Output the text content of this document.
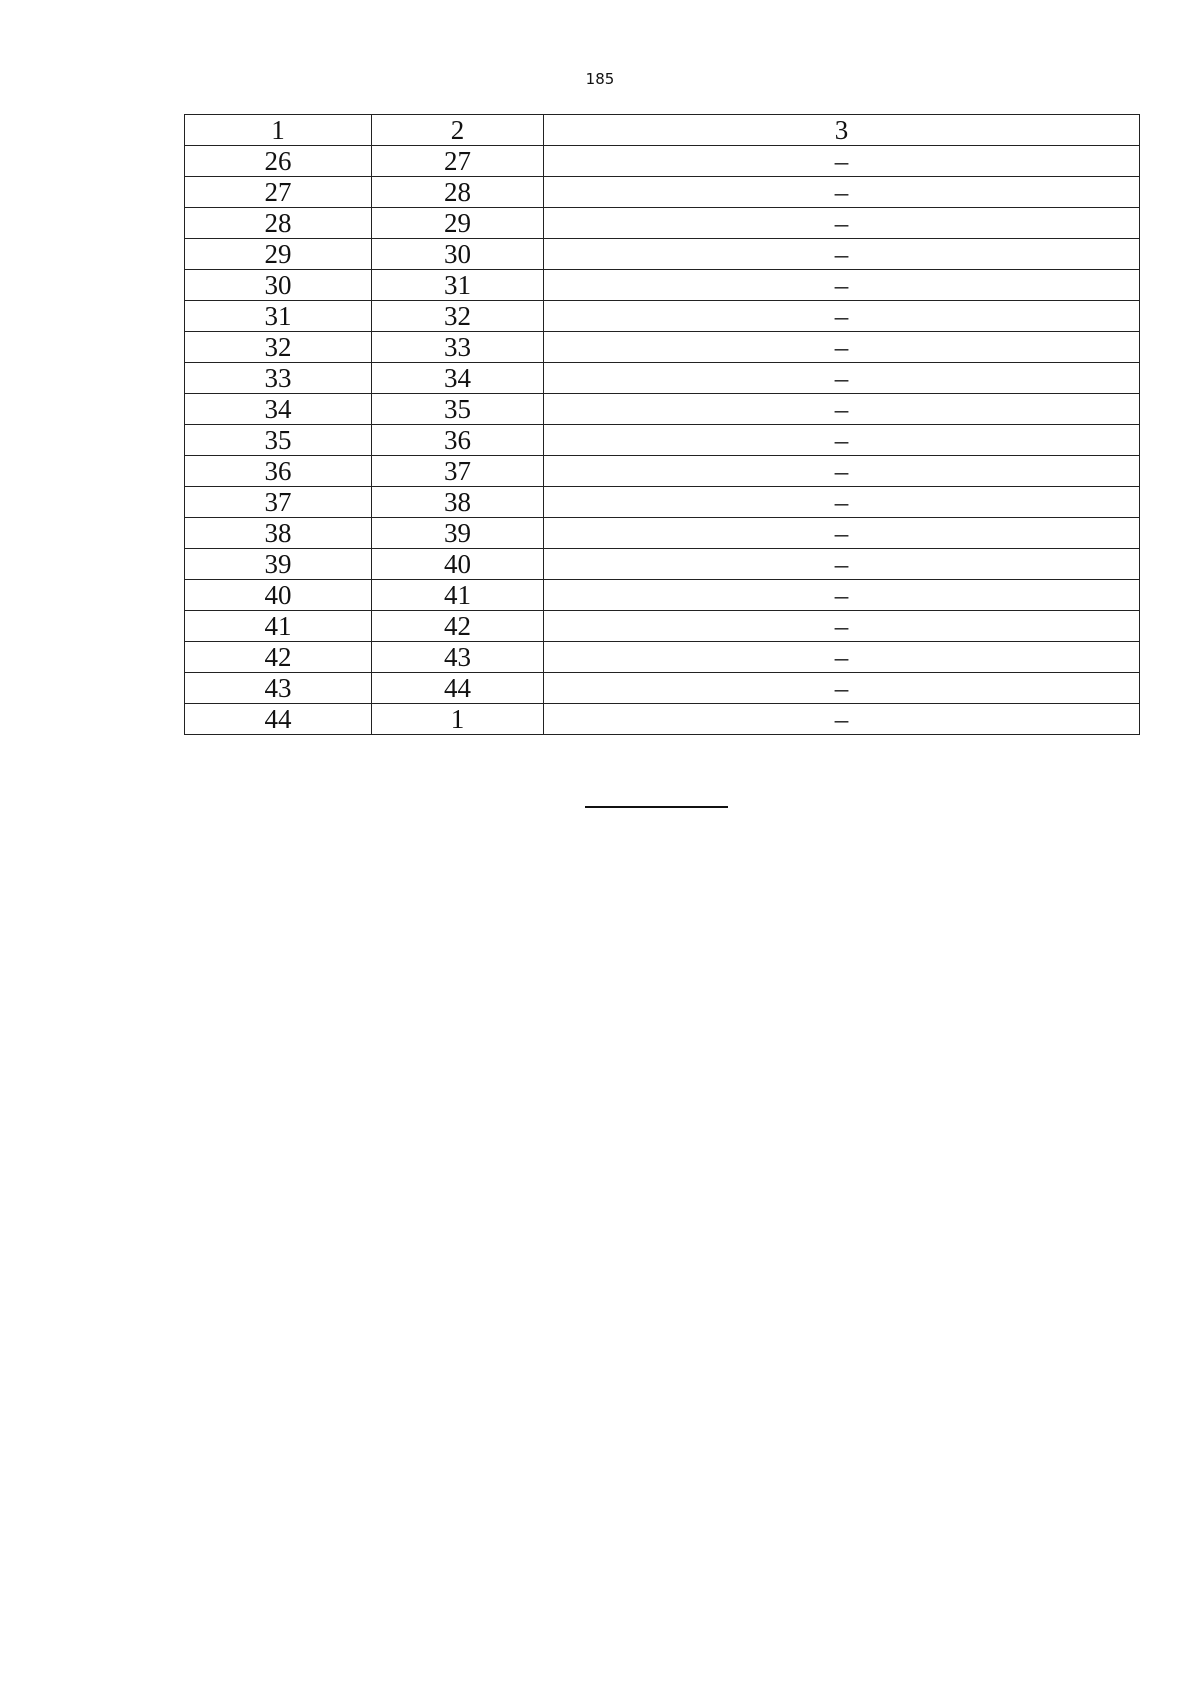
185
1	2	3
26	27	–
27	28	–
28	29	–
29	30	–
30	31	–
31	32	–
32	33	–
33	34	–
34	35	–
35	36	–
36	37	–
37	38	–
38	39	–
39	40	–
40	41	–
41	42	–
42	43	–
43	44	–
44	1	–
